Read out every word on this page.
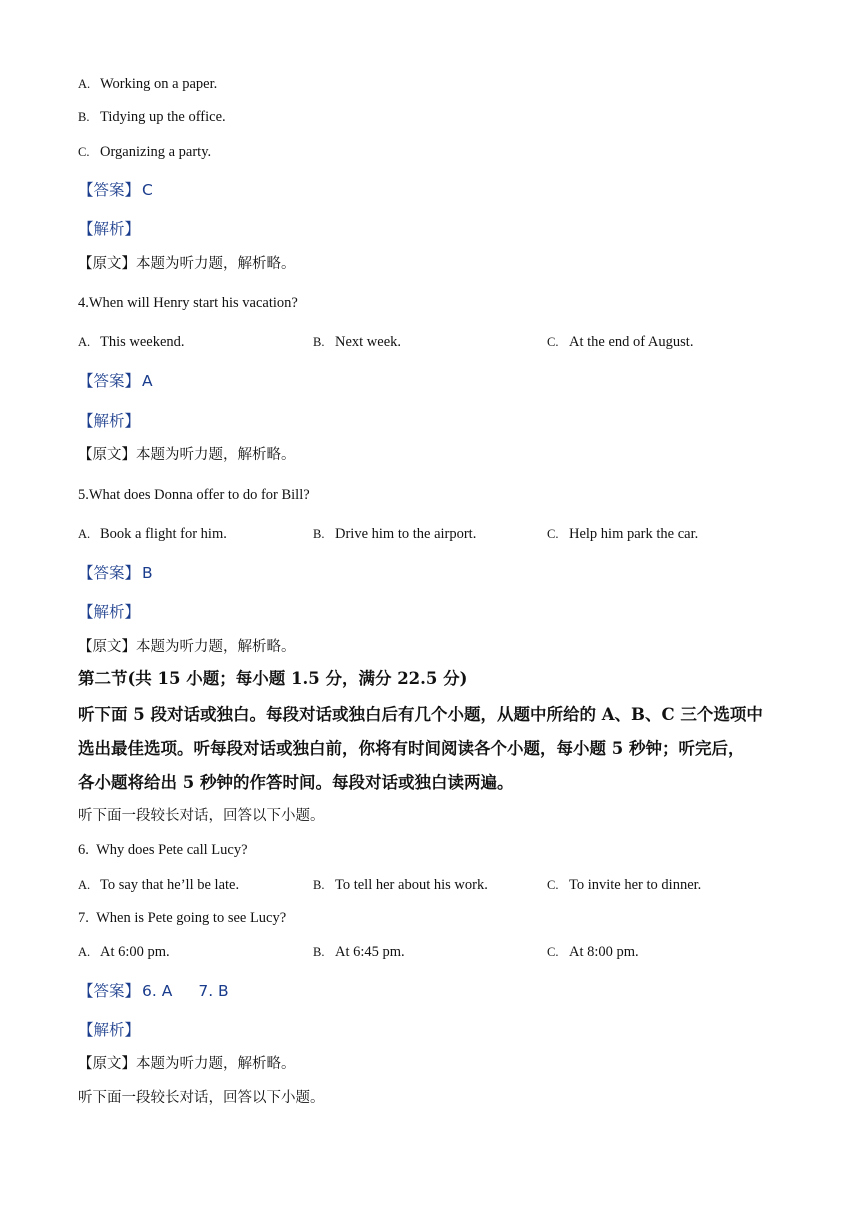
A. Working on a paper.
B. Tidying up the office.
C. Organizing a party.
【答案】 C
【解析】
【原文】本题为听力题，解析略。
4.When will Henry start his vacation?
A. This weekend.	B. Next week.	C. At the end of August.
【答案】 A
【解析】
【原文】本题为听力题，解析略。
5.What does Donna offer to do for Bill?
A. Book a flight for him.	B. Drive him to the airport.	C. Help him park the car.
【答案】 B
【解析】
【原文】本题为听力题，解析略。
第二节(共 15 小题；每小题 1.5 分，满分 22.5 分)
听下面 5 段对话或独白。每段对话或独白后有几个小题，从题中所给的 A、B、C 三个选项中
选出最佳选项。听每段对话或独白前，你将有时间阅读各个小题，每小题 5 秒钟；听完后，
各小题将给出 5 秒钟的作答时间。每段对话或独白读两遍。
听下面一段较长对话，回答以下小题。
6.  Why does Pete call Lucy?
A. To say that he’ll be late.	B. To tell her about his work.	C. To invite her to dinner.
7.  When is Pete going to see Lucy?
A. At 6:00 pm.	B. At 6:45 pm.	C. At 8:00 pm.
【答案】 6. A 7. B
【解析】
【原文】本题为听力题，解析略。
听下面一段较长对话，回答以下小题。
